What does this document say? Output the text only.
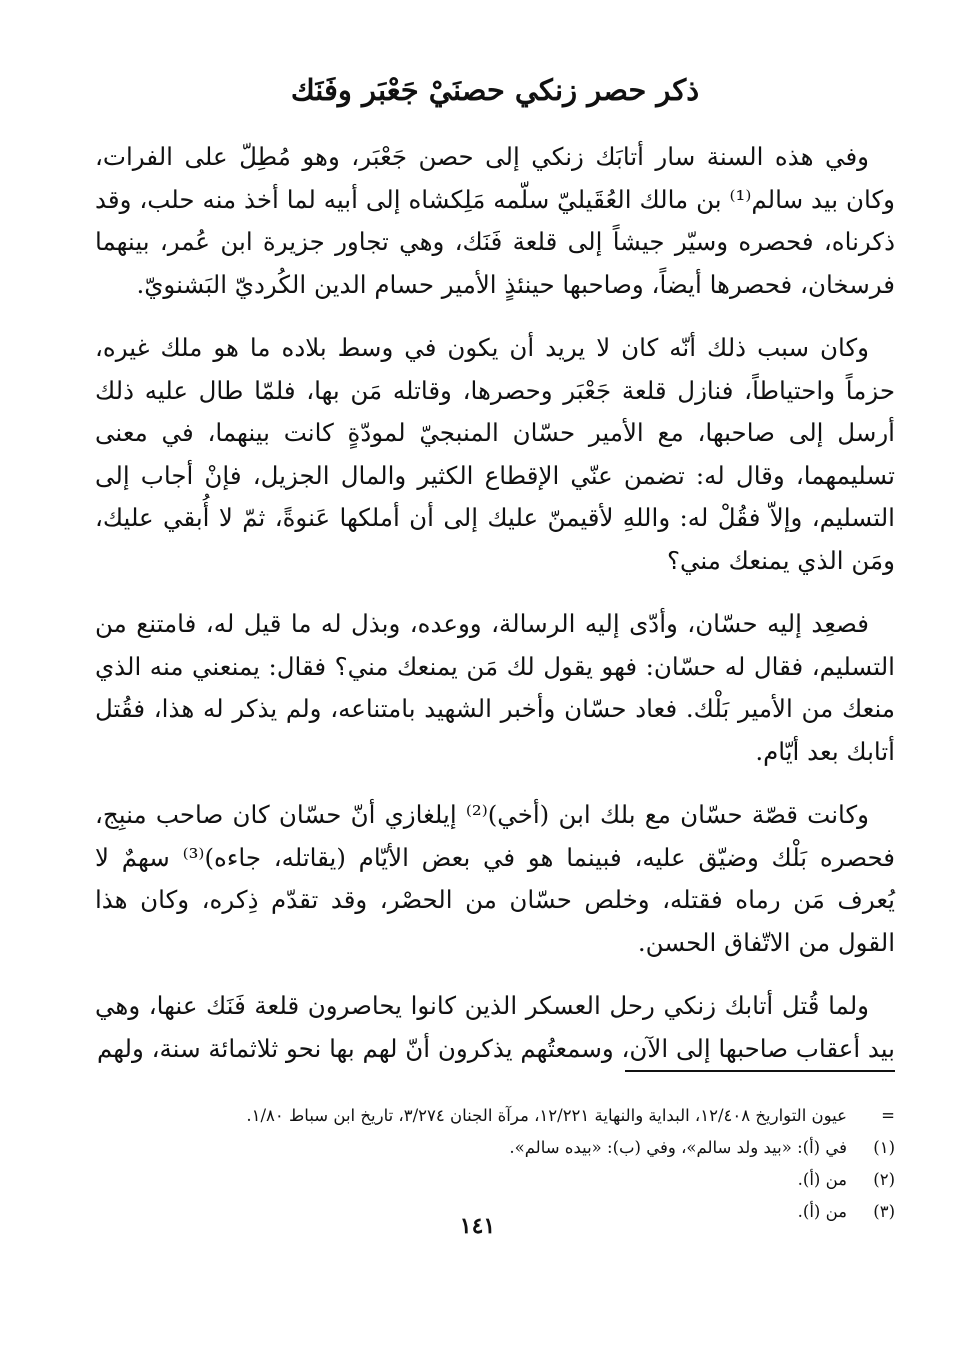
ذكر حصر زنكي حصنَيْ جَعْبَر وفَنَك

وفي هذه السنة سار أتابَك زنكي إلى حصن جَعْبَر، وهو مُطِلّ على الفرات، وكان بيد سالم⁽¹⁾ بن مالك العُقَيليّ سلّمه مَلِكشاه إلى أبيه لما أخذ منه حلب، وقد ذكرناه، فحصره وسيّر جيشاً إلى قلعة فَنَك، وهي تجاور جزيرة ابن عُمر، بينهما فرسخان، فحصرها أيضاً، وصاحبها حينئذٍ الأمير حسام الدين الكُرديّ البَشنويّ.

وكان سبب ذلك أنّه كان لا يريد أن يكون في وسط بلاده ما هو ملك غيره، حزماً واحتياطاً، فنازل قلعة جَعْبَر وحصرها، وقاتله مَن بها، فلمّا طال عليه ذلك أرسل إلى صاحبها، مع الأمير حسّان المنبجيّ لمودّةٍ كانت بينهما، في معنى تسليمهما، وقال له: تضمن عنّي الإقطاع الكثير والمال الجزيل، فإنْ أجاب إلى التسليم، وإلاّ فقُلْ له: واللهِ لأقيمنّ عليك إلى أن أملكها عَنوةً، ثمّ لا أُبقي عليك، ومَن الذي يمنعك مني؟

فصعِد إليه حسّان، وأدّى إليه الرسالة، ووعده، وبذل له ما قيل له، فامتنع من التسليم، فقال له حسّان: فهو يقول لك مَن يمنعك مني؟ فقال: يمنعني منه الذي منعك من الأمير بَلْك. فعاد حسّان وأخبر الشهيد بامتناعه، ولم يذكر له هذا، فقُتل أتابك بعد أيّام.

وكانت قصّة حسّان مع بلك ابن (أخي)⁽²⁾ إيلغازي أنّ حسّان كان صاحب منبِج، فحصره بَلْك وضيّق عليه، فبينما هو في بعض الأيّام (يقاتله، جاءه)⁽³⁾ سهمٌ لا يُعرف مَن رماه فقتله، وخلص حسّان من الحصْر، وقد تقدّم ذِكره، وكان هذا القول من الاتّفاق الحسن.

ولما قُتل أتابك زنكي رحل العسكر الذين كانوا يحاصرون قلعة فَنَك عنها، وهي بيد أعقاب صاحبها إلى الآن، وسمعتُهم يذكرون أنّ لهم بها نحو ثلاثمائة سنة، ولهم

=
عيون التواريخ ١٢/٤٠٨، البداية والنهاية ١٢/٢٢١، مرآة الجنان ٣/٢٧٤، تاريخ ابن سباط ١/٨٠.
(١)
في (أ): «بيد ولد سالم»، وفي (ب): «بيده سالم».
(٢)
من (أ).
(٣)
من (أ).
١٤١
